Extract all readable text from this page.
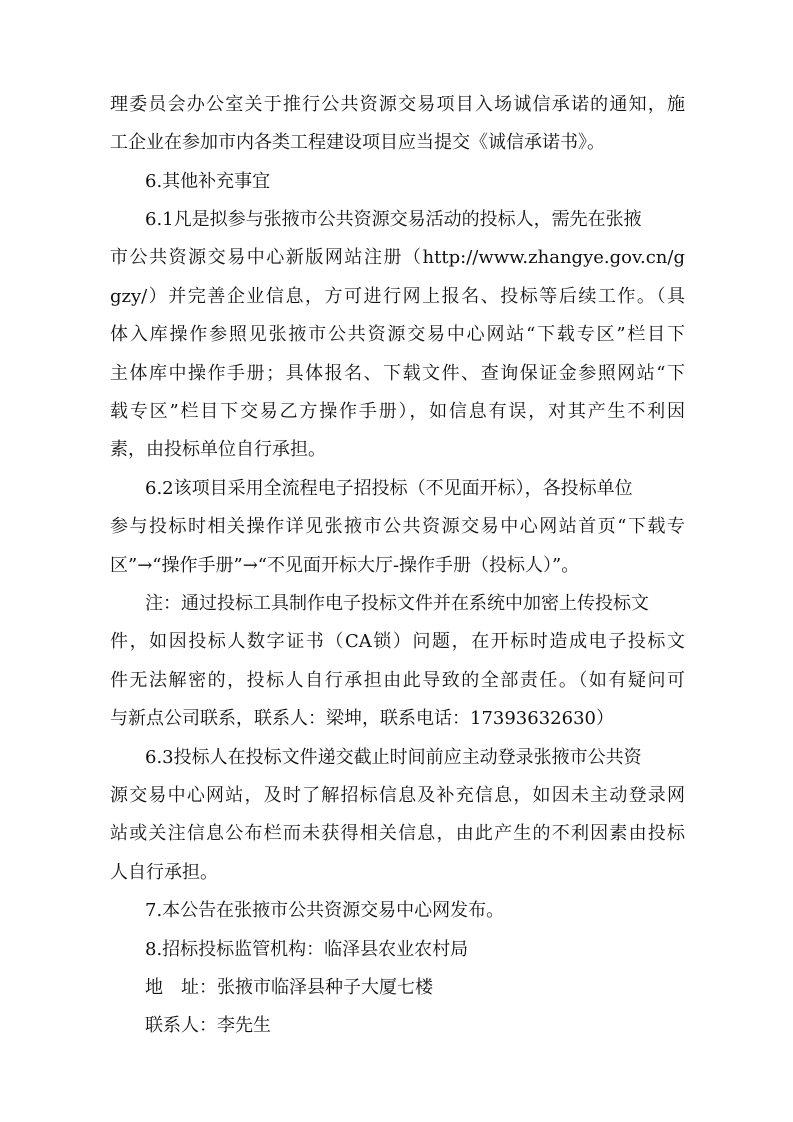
理委员会办公室关于推行公共资源交易项目入场诚信承诺的通知，施
工企业在参加市内各类工程建设项目应当提交《诚信承诺书》。
6.其他补充事宜
6.1凡是拟参与张掖市公共资源交易活动的投标人，需先在张掖
市公共资源交易中心新版网站注册（http://www.zhangye.gov.cn/g
gzy/）并完善企业信息，方可进行网上报名、投标等后续工作。（具
体入库操作参照见张掖市公共资源交易中心网站“下载专区”栏目下
主体库中操作手册；具体报名、下载文件、查询保证金参照网站“下
载专区”栏目下交易乙方操作手册），如信息有误，对其产生不利因
素，由投标单位自行承担。
6.2该项目采用全流程电子招投标（不见面开标），各投标单位
参与投标时相关操作详见张掖市公共资源交易中心网站首页“下载专
区”→“操作手册”→“不见面开标大厅-操作手册（投标人）”。
注：通过投标工具制作电子投标文件并在系统中加密上传投标文
件，如因投标人数字证书（CA锁）问题，在开标时造成电子投标文
件无法解密的，投标人自行承担由此导致的全部责任。（如有疑问可
与新点公司联系，联系人：梁坤，联系电话：17393632630）
6.3投标人在投标文件递交截止时间前应主动登录张掖市公共资
源交易中心网站，及时了解招标信息及补充信息，如因未主动登录网
站或关注信息公布栏而未获得相关信息，由此产生的不利因素由投标
人自行承担。
7.本公告在张掖市公共资源交易中心网发布。
8.招标投标监管机构：临泽县农业农村局
地　址：张掖市临泽县种子大厦七楼
联系人：李先生
